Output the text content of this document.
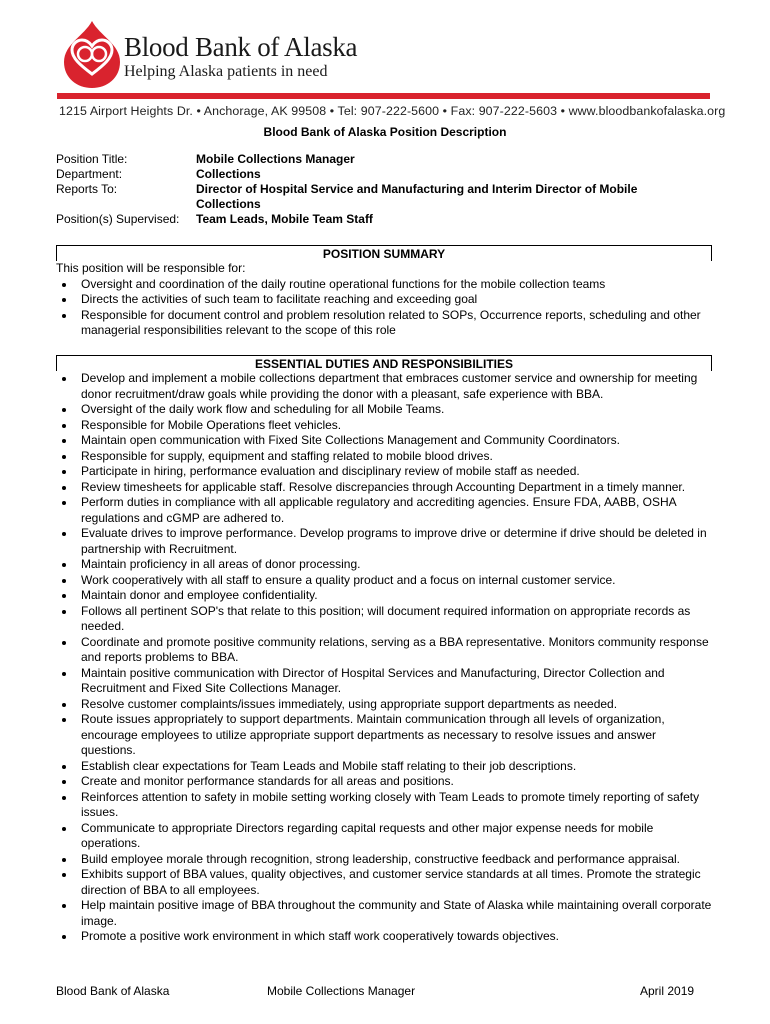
Blood Bank of Alaska
Helping Alaska patients in need
1215 Airport Heights Dr. • Anchorage, AK 99508 • Tel: 907-222-5600 • Fax: 907-222-5603 • www.bloodbankofalaska.org
Blood Bank of Alaska Position Description
Position Title:	Mobile Collections Manager
Department:	Collections
Reports To:	Director of Hospital Service and Manufacturing and Interim Director of Mobile Collections
Position(s) Supervised:	Team Leads, Mobile Team Staff
POSITION SUMMARY
This position will be responsible for:
Oversight and coordination of the daily routine operational functions for the mobile collection teams
Directs the activities of such team to facilitate reaching and exceeding goal
Responsible for document control and problem resolution related to SOPs, Occurrence reports, scheduling and other managerial responsibilities relevant to the scope of this role
ESSENTIAL DUTIES AND RESPONSIBILITIES
Develop and implement a mobile collections department that embraces customer service and ownership for meeting donor recruitment/draw goals while providing the donor with a pleasant, safe experience with BBA.
Oversight of the daily work flow and scheduling for all Mobile Teams.
Responsible for Mobile Operations fleet vehicles.
Maintain open communication with Fixed Site Collections Management and Community Coordinators.
Responsible for supply, equipment and staffing related to mobile blood drives.
Participate in hiring, performance evaluation and disciplinary review of mobile staff as needed.
Review timesheets for applicable staff. Resolve discrepancies through Accounting Department in a timely manner.
Perform duties in compliance with all applicable regulatory and accrediting agencies. Ensure FDA, AABB, OSHA regulations and cGMP are adhered to.
Evaluate drives to improve performance. Develop programs to improve drive or determine if drive should be deleted in partnership with Recruitment.
Maintain proficiency in all areas of donor processing.
Work cooperatively with all staff to ensure a quality product and a focus on internal customer service.
Maintain donor and employee confidentiality.
Follows all pertinent SOP's that relate to this position; will document required information on appropriate records as needed.
Coordinate and promote positive community relations, serving as a BBA representative. Monitors community response and reports problems to BBA.
Maintain positive communication with Director of Hospital Services and Manufacturing, Director Collection and Recruitment and Fixed Site Collections Manager.
Resolve customer complaints/issues immediately, using appropriate support departments as needed.
Route issues appropriately to support departments. Maintain communication through all levels of organization, encourage employees to utilize appropriate support departments as necessary to resolve issues and answer questions.
Establish clear expectations for Team Leads and Mobile staff relating to their job descriptions.
Create and monitor performance standards for all areas and positions.
Reinforces attention to safety in mobile setting working closely with Team Leads to promote timely reporting of safety issues.
Communicate to appropriate Directors regarding capital requests and other major expense needs for mobile operations.
Build employee morale through recognition, strong leadership, constructive feedback and performance appraisal.
Exhibits support of BBA values, quality objectives, and customer service standards at all times. Promote the strategic direction of BBA to all employees.
Help maintain positive image of BBA throughout the community and State of Alaska while maintaining overall corporate image.
Promote a positive work environment in which staff work cooperatively towards objectives.
Blood Bank of Alaska	Mobile Collections Manager	April 2019
